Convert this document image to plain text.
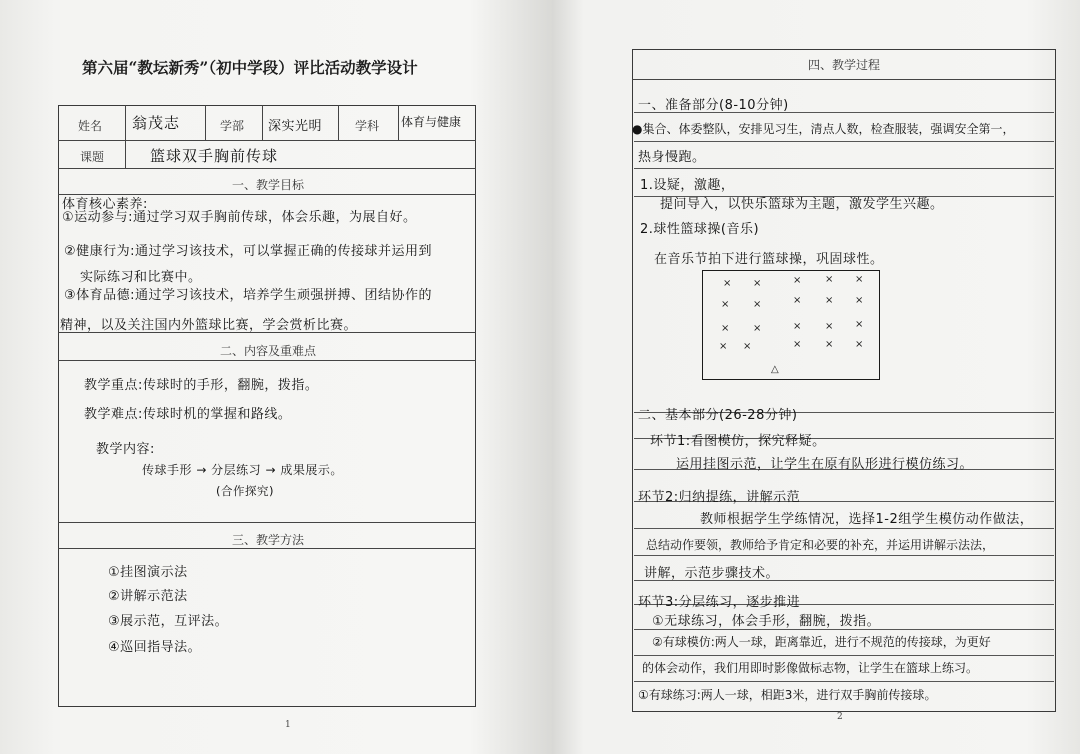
第六届“教坛新秀”（初中学段）评比活动教学设计
姓名 翁茂志	学部 深实光明	学科 体育与健康
课题	篮球双手胸前传球
一、教学目标
体育核心素养:
①运动参与:通过学习双手胸前传球，体会乐趣，为展自好。
②健康行为:通过学习该技术，可以掌握正确的传接球并运用到
实际练习和比赛中。
③体育品德:通过学习该技术，培养学生顽强拼搏、团结协作的
精神，以及关注国内外篮球比赛，学会赏析比赛。
二、内容及重难点
教学重点:传球时的手形，翻腕，拨指。
教学难点:传球时机的掌握和路线。
教学内容:
传球手形 → 分层练习 → 成果展示。
(合作探究)
三、教学方法
①挂图演示法
②讲解示范法
③展示范，互评法。
④巡回指导法。
1
四、教学过程
一、准备部分(8-10分钟)
●集合、体委整队，安排见习生，清点人数，检查服装，强调安全第一，
热身慢跑。
1.设疑，激趣，
提问导入，以快乐篮球为主题，激发学生兴趣。
2.球性篮球操(音乐)
在音乐节拍下进行篮球操，巩固球性。
× ×	× × ×
× ×	× × ×
× ×	× × ×
× ×	× × ×
△
二、基本部分(26-28分钟)
环节1:看图模仿，探究释疑。
运用挂图示范，让学生在原有队形进行模仿练习。
环节2:归纳提练，讲解示范
教师根据学生学练情况，选择1-2组学生模仿动作做法，
总结动作要领，教师给予肯定和必要的补充，并运用讲解示法法，
讲解，示范步骤技术。
环节3:分层练习，逐步推进
①无球练习，体会手形，翻腕，拨指。
②有球模仿:两人一球，距离靠近，进行不规范的传接球，为更好
的体会动作，我们用即时影像做标志物，让学生在篮球上练习。
①有球练习:两人一球，相距3米，进行双手胸前传接球。
2
